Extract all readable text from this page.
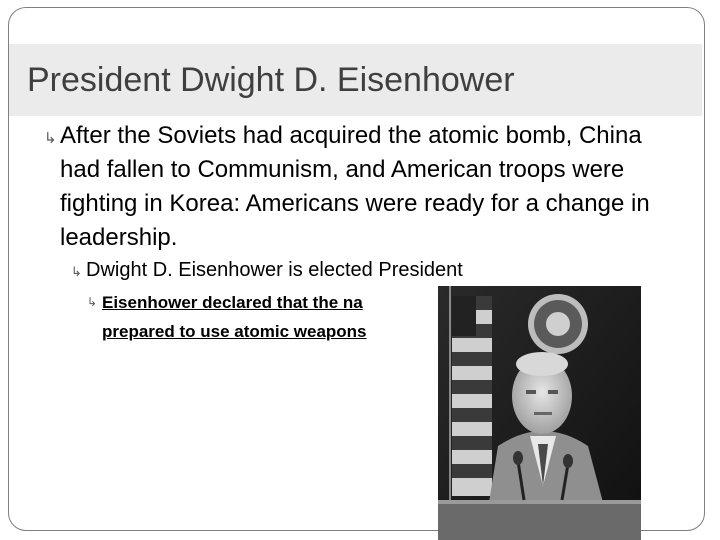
President Dwight D. Eisenhower

↳ After the Soviets had acquired the atomic bomb, China had fallen to Communism, and American troops were fighting in Korea: Americans were ready for a change in leadership.

↳ Dwight D. Eisenhower is elected President

↳ Eisenhower declared that the na
prepared to use atomic weapons
